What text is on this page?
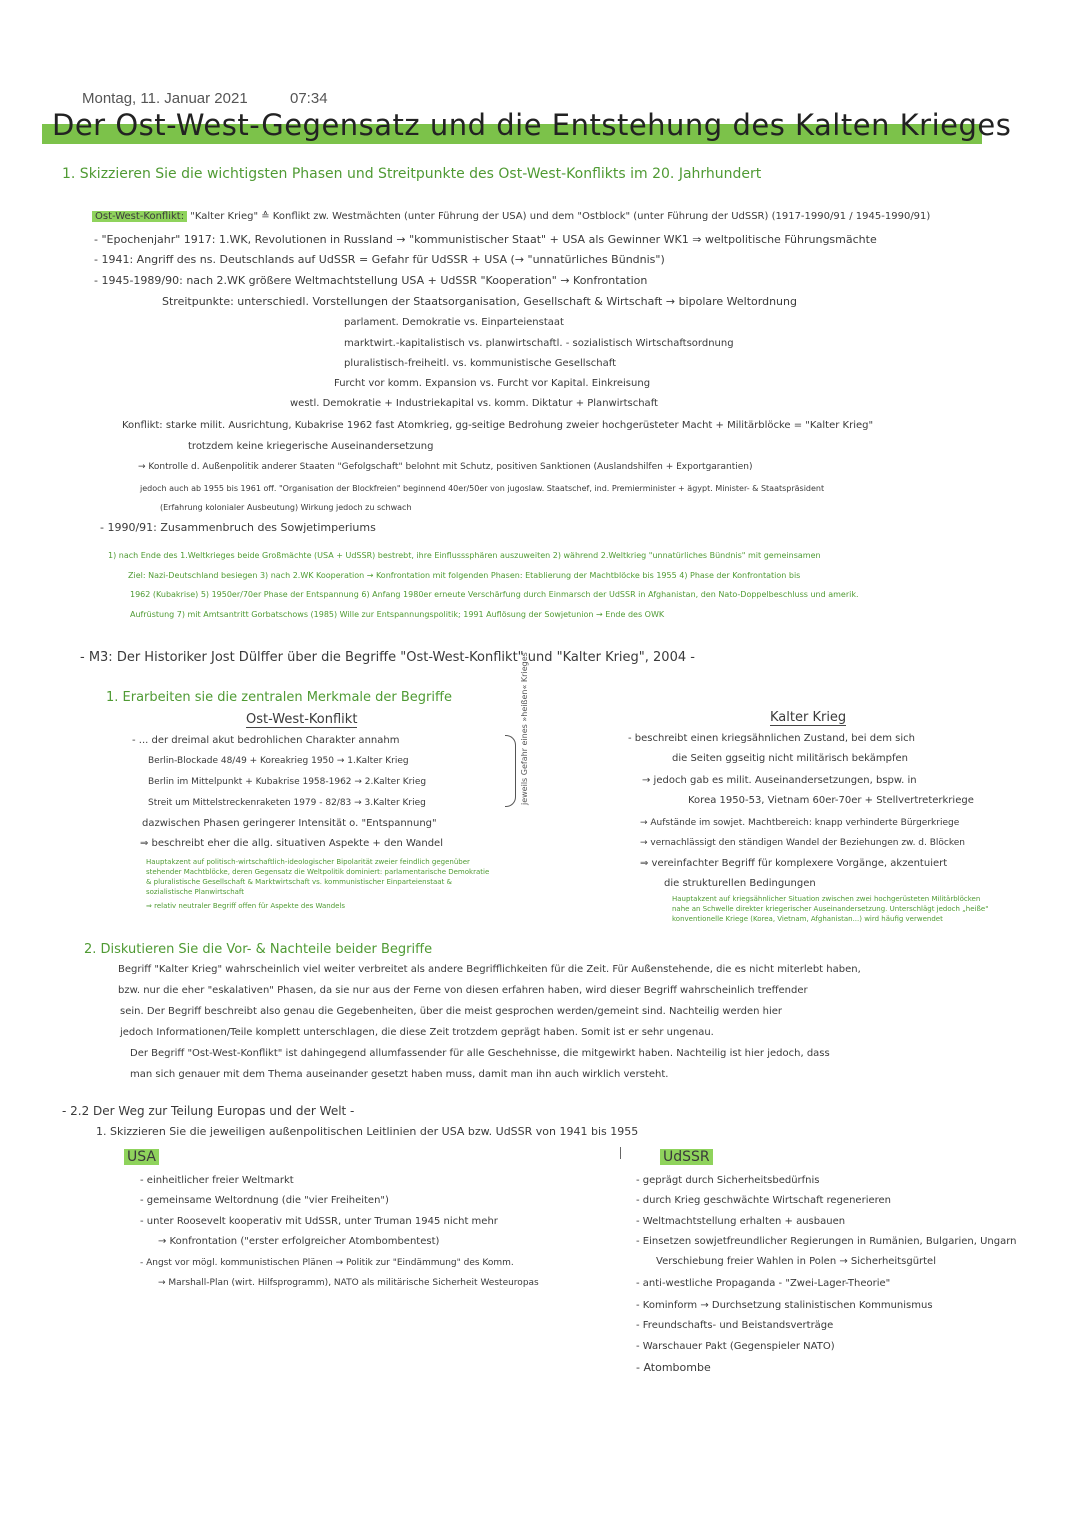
Montag, 11. Januar 2021	07:34
Der Ost-West-Gegensatz und die Entstehung des Kalten Krieges
1. Skizzieren Sie die wichtigsten Phasen und Streitpunkte des Ost-West-Konflikts im 20. Jahrhundert
Ost-West-Konflikt: "Kalter Krieg" ≙ Konflikt zw. Westmächten (unter Führung der USA) und dem "Ostblock" (unter Führung der UdSSR) (1917-1990/91 / 1945-1990/91)
- "Epochenjahr" 1917: 1.WK, Revolutionen in Russland → "kommunistischer Staat" + USA als Gewinner WK1 ⇒ weltpolitische Führungsmächte
- 1941: Angriff des ns. Deutschlands auf UdSSR = Gefahr für UdSSR + USA (→ "unnatürliches Bündnis")
- 1945-1989/90: nach 2.WK größere Weltmachtstellung USA + UdSSR "Kooperation" → Konfrontation
Streitpunkte: unterschiedl. Vorstellungen der Staatsorganisation, Gesellschaft & Wirtschaft → bipolare Weltordnung
parlament. Demokratie vs. Einparteienstaat
marktwirt.-kapitalistisch vs. planwirtschaftl. - sozialistisch Wirtschaftsordnung
pluralistisch-freiheitl. vs. kommunistische Gesellschaft
Furcht vor komm. Expansion vs. Furcht vor Kapital. Einkreisung
westl. Demokratie + Industriekapital vs. komm. Diktatur + Planwirtschaft
Konflikt: starke milit. Ausrichtung, Kubakrise 1962 fast Atomkrieg, gg-seitige Bedrohung zweier hochgerüsteter Macht + Militärblöcke = "Kalter Krieg"
trotzdem keine kriegerische Auseinandersetzung
→ Kontrolle d. Außenpolitik anderer Staaten "Gefolgschaft" belohnt mit Schutz, positiven Sanktionen (Auslandshilfen + Exportgarantien)
jedoch auch ab 1955 bis 1961 off. "Organisation der Blockfreien" beginnend 40er/50er von jugoslaw. Staatschef, ind. Premierminister + ägypt. Minister- & Staatspräsident
(Erfahrung kolonialer Ausbeutung) Wirkung jedoch zu schwach
- 1990/91: Zusammenbruch des Sowjetimperiums
1) nach Ende des 1.Weltkrieges beide Großmächte (USA + UdSSR) bestrebt, ihre Einflusssphären auszuweiten 2) während 2.Weltkrieg "unnatürliches Bündnis" mit gemeinsamen
Ziel: Nazi-Deutschland besiegen 3) nach 2.WK Kooperation → Konfrontation mit folgenden Phasen: Etablierung der Machtblöcke bis 1955 4) Phase der Konfrontation bis
1962 (Kubakrise) 5) 1950er/70er Phase der Entspannung 6) Anfang 1980er erneute Verschärfung durch Einmarsch der UdSSR in Afghanistan, den Nato-Doppelbeschluss und amerik.
Aufrüstung 7) mit Amtsantritt Gorbatschows (1985) Wille zur Entspannungspolitik; 1991 Auflösung der Sowjetunion → Ende des OWK
- M3: Der Historiker Jost Dülffer über die Begriffe "Ost-West-Konflikt" und "Kalter Krieg", 2004 -
1. Erarbeiten sie die zentralen Merkmale der Begriffe
Ost-West-Konflikt	Kalter Krieg
- ... der dreimal akut bedrohlichen Charakter annahm
Berlin-Blockade 48/49 + Koreakrieg 1950 → 1.Kalter Krieg
Berlin im Mittelpunkt + Kubakrise 1958-1962 → 2.Kalter Krieg
Streit um Mittelstreckenraketen 1979 - 82/83 → 3.Kalter Krieg
dazwischen Phasen geringerer Intensität o. "Entspannung"
⇒ beschreibt eher die allg. situativen Aspekte + den Wandel
jeweils Gefahr eines »heißen« Krieges
Hauptakzent auf politisch-wirtschaftlich-ideologischer Bipolarität zweier feindlich gegenüber
stehender Machtblöcke, deren Gegensatz die Weltpolitik dominiert: parlamentarische Demokratie
& pluralistische Gesellschaft & Marktwirtschaft vs. kommunistischer Einparteienstaat &
sozialistische Planwirtschaft
⇒ relativ neutraler Begriff offen für Aspekte des Wandels
- beschreibt einen kriegsähnlichen Zustand, bei dem sich
die Seiten ggseitig nicht militärisch bekämpfen
→ jedoch gab es milit. Auseinandersetzungen, bspw. in
Korea 1950-53, Vietnam 60er-70er + Stellvertreterkriege
→ Aufstände im sowjet. Machtbereich: knapp verhinderte Bürgerkriege
→ vernachlässigt den ständigen Wandel der Beziehungen zw. d. Blöcken
⇒ vereinfachter Begriff für komplexere Vorgänge, akzentuiert
die strukturellen Bedingungen
Hauptakzent auf kriegsähnlicher Situation zwischen zwei hochgerüsteten Militärblöcken
nahe an Schwelle direkter kriegerischer Auseinandersetzung. Unterschlägt jedoch „heiße"
konventionelle Kriege (Korea, Vietnam, Afghanistan...) wird häufig verwendet
2. Diskutieren Sie die Vor- & Nachteile beider Begriffe
Begriff "Kalter Krieg" wahrscheinlich viel weiter verbreitet als andere Begrifflichkeiten für die Zeit. Für Außenstehende, die es nicht miterlebt haben,
bzw. nur die eher "eskalativen" Phasen, da sie nur aus der Ferne von diesen erfahren haben, wird dieser Begriff wahrscheinlich treffender
sein. Der Begriff beschreibt also genau die Gegebenheiten, über die meist gesprochen werden/gemeint sind. Nachteilig werden hier
jedoch Informationen/Teile komplett unterschlagen, die diese Zeit trotzdem geprägt haben. Somit ist er sehr ungenau.
Der Begriff "Ost-West-Konflikt" ist dahingegend allumfassender für alle Geschehnisse, die mitgewirkt haben. Nachteilig ist hier jedoch, dass
man sich genauer mit dem Thema auseinander gesetzt haben muss, damit man ihn auch wirklich versteht.
- 2.2 Der Weg zur Teilung Europas und der Welt -
1. Skizzieren Sie die jeweiligen außenpolitischen Leitlinien der USA bzw. UdSSR von 1941 bis 1955
USA	UdSSR
- einheitlicher freier Weltmarkt
- gemeinsame Weltordnung (die "vier Freiheiten")
- unter Roosevelt kooperativ mit UdSSR, unter Truman 1945 nicht mehr
→ Konfrontation ("erster erfolgreicher Atombombentest)
- Angst vor mögl. kommunistischen Plänen → Politik zur "Eindämmung" des Komm.
→ Marshall-Plan (wirt. Hilfsprogramm), NATO als militärische Sicherheit Westeuropas
- geprägt durch Sicherheitsbedürfnis
- durch Krieg geschwächte Wirtschaft regenerieren
- Weltmachtstellung erhalten + ausbauen
- Einsetzen sowjetfreundlicher Regierungen in Rumänien, Bulgarien, Ungarn
Verschiebung freier Wahlen in Polen → Sicherheitsgürtel
- anti-westliche Propaganda - "Zwei-Lager-Theorie"
- Kominform → Durchsetzung stalinistischen Kommunismus
- Freundschafts- und Beistandsverträge
- Warschauer Pakt (Gegenspieler NATO)
- Atombombe
